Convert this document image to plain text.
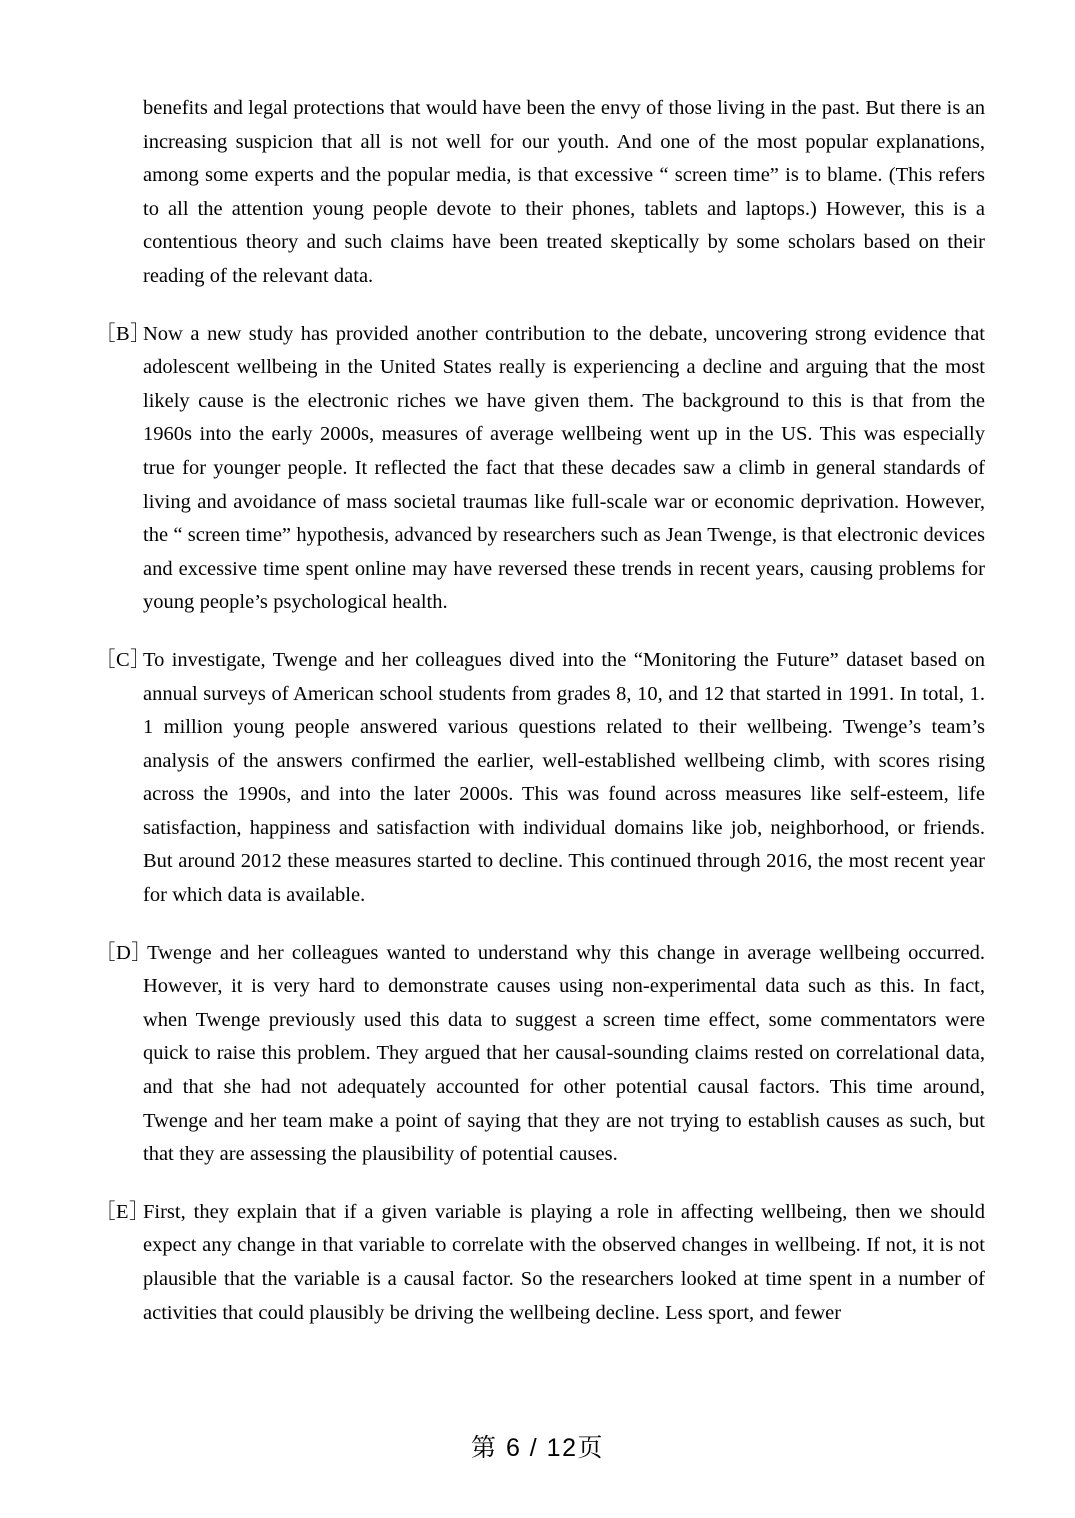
benefits and legal protections that would have been the envy of those living in the past. But there is an increasing suspicion that all is not well for our youth. And one of the most popular explanations, among some experts and the popular media, is that excessive “ screen time” is to blame. (This refers to all the attention young people devote to their phones, tablets and laptops.) However, this is a contentious theory and such claims have been treated skeptically by some scholars based on their reading of the relevant data.
［B］
Now a new study has provided another contribution to the debate, uncovering strong evidence that adolescent wellbeing in the United States really is experiencing a decline and arguing that the most likely cause is the electronic riches we have given them. The background to this is that from the 1960s into the early 2000s, measures of average wellbeing went up in the US. This was especially true for younger people. It reflected the fact that these decades saw a climb in general standards of living and avoidance of mass societal traumas like full-scale war or economic deprivation. However, the “ screen time” hypothesis, advanced by researchers such as Jean Twenge, is that electronic devices and excessive time spent online may have reversed these trends in recent years, causing problems for young people’s psychological health.
［C］
To investigate, Twenge and her colleagues dived into the “Monitoring the Future” dataset based on annual surveys of American school students from grades 8, 10, and 12 that started in 1991. In total, 1. 1 million young people answered various questions related to their wellbeing. Twenge’s team’s analysis of the answers confirmed the earlier, well-established wellbeing climb, with scores rising across the 1990s, and into the later 2000s. This was found across measures like self-esteem, life satisfaction, happiness and satisfaction with individual domains like job, neighborhood, or friends. But around 2012 these measures started to decline. This continued through 2016, the most recent year for which data is available.
［D］
Twenge and her colleagues wanted to understand why this change in average wellbeing occurred. However, it is very hard to demonstrate causes using non-experimental data such as this. In fact, when Twenge previously used this data to suggest a screen time effect, some commentators were quick to raise this problem. They argued that her causal-sounding claims rested on correlational data, and that she had not adequately accounted for other potential causal factors. This time around, Twenge and her team make a point of saying that they are not trying to establish causes as such, but that they are assessing the plausibility of potential causes.
［E］
First, they explain that if a given variable is playing a role in affecting wellbeing, then we should expect any change in that variable to correlate with the observed changes in wellbeing. If not, it is not plausible that the variable is a causal factor. So the researchers looked at time spent in a number of activities that could plausibly be driving the wellbeing decline. Less sport, and fewer
第 6 / 12页
